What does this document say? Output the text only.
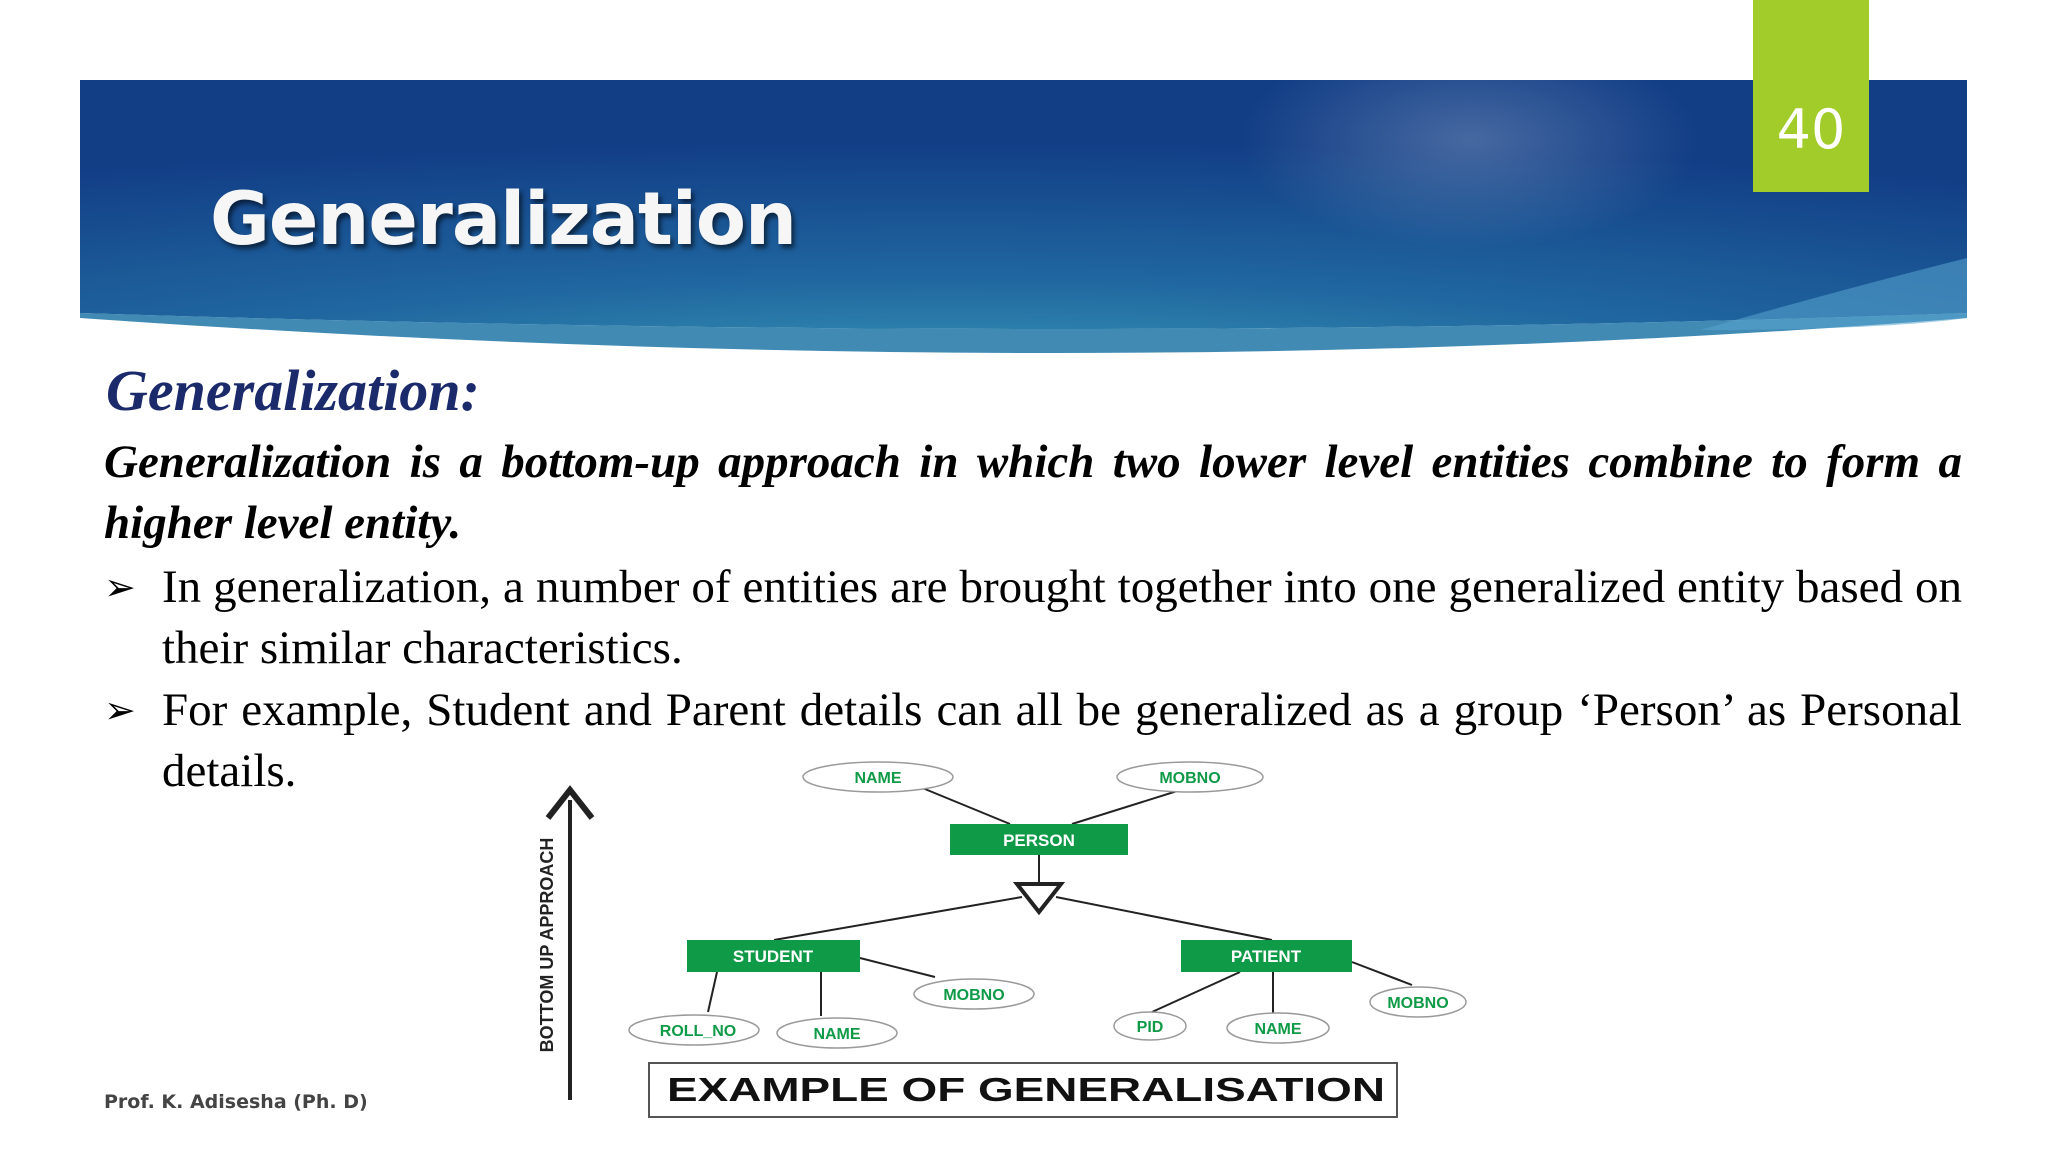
40
Generalization
Generalization:
Generalization is a bottom-up approach in which two lower level entities combine to form a higher level entity.
➢ In generalization, a number of entities are brought together into one generalized entity based on their similar characteristics.
➢ For example, Student and Parent details can all be generalized as a group ‘Person’ as Personal details.
BOTTOM UP APPROACH	PERSON
STUDENT	PATIENT
NAME	MOBNO
ROLL_NO	NAME
MOBNO
PID	NAME
MOBNO
EXAMPLE OF GENERALISATION
Prof. K. Adisesha (Ph. D)
